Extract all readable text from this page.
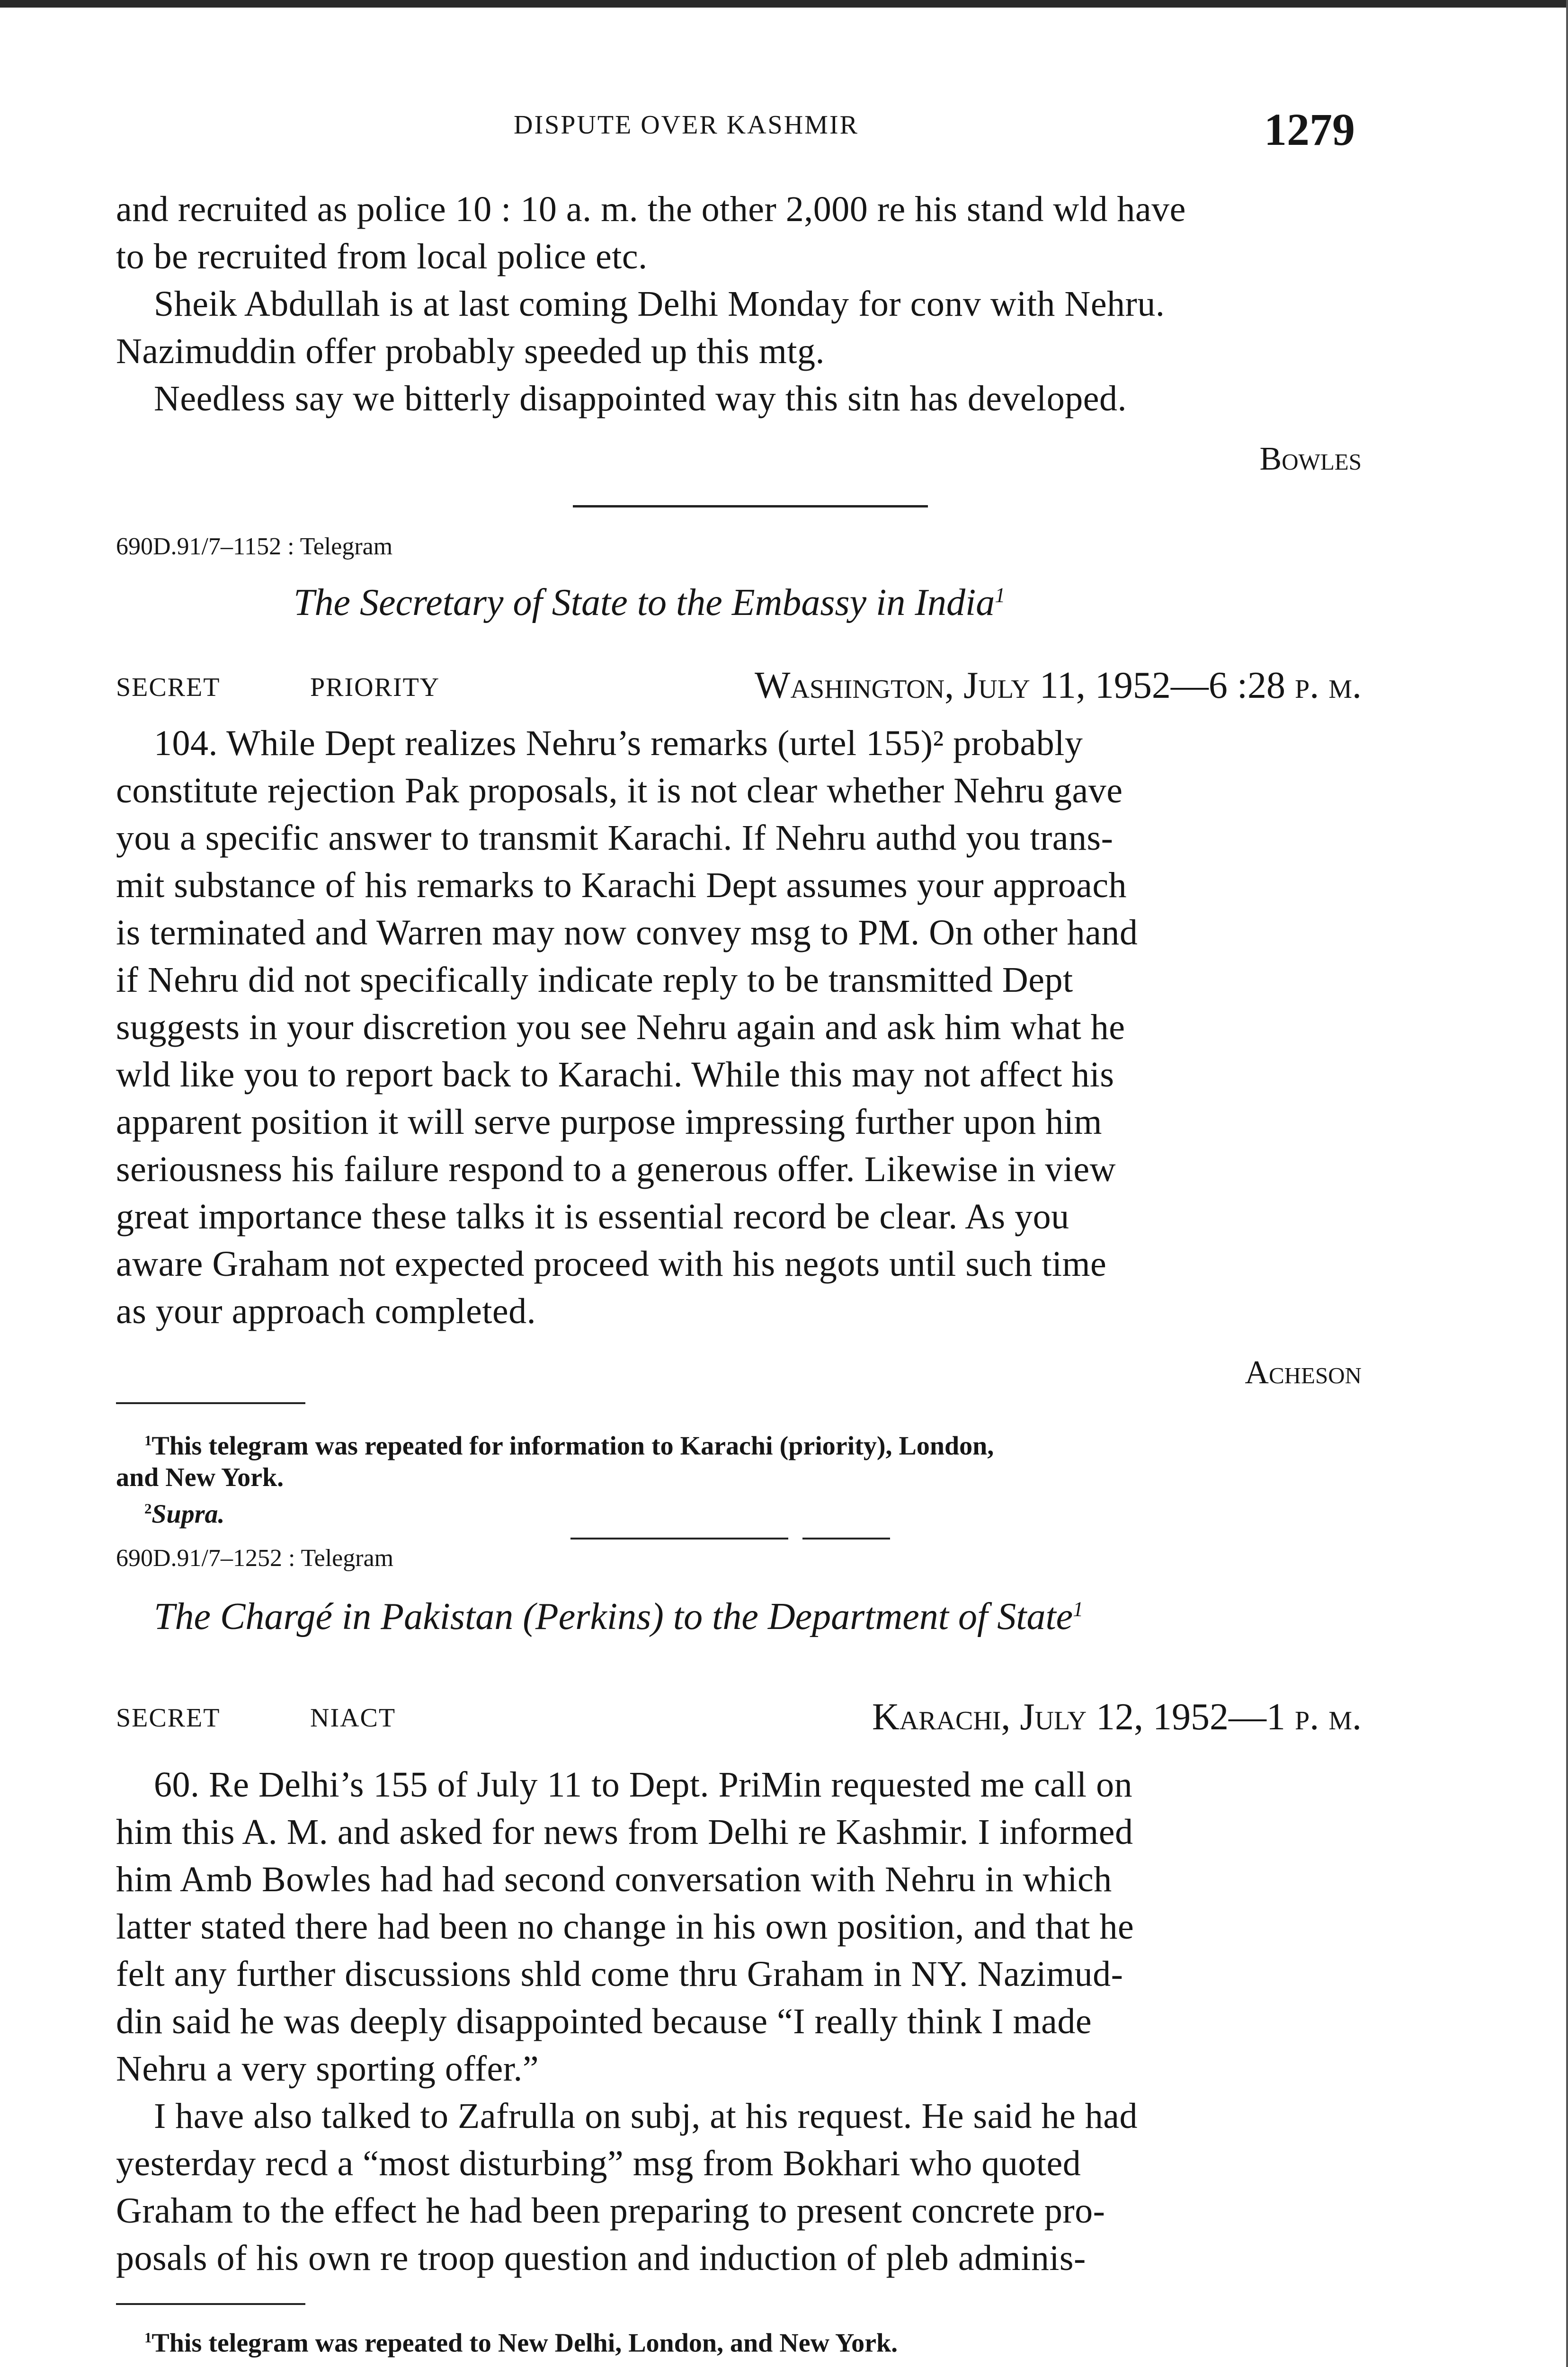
DISPUTE OVER KASHMIR	1279
and recruited as police 10 : 10 a. m. the other 2,000 re his stand wld have
to be recruited from local police etc.
Sheik Abdullah is at last coming Delhi Monday for conv with Nehru.
Nazimuddin offer probably speeded up this mtg.
Needless say we bitterly disappointed way this sitn has developed.
Bowles
690D.91/7–1152 : Telegram
The Secretary of State to the Embassy in India$^1$
SECRET	PRIORITY	Washington, July 11, 1952—6 :28 p. m.
104. While Dept realizes Nehru’s remarks (urtel 155)² probably
constitute rejection Pak proposals, it is not clear whether Nehru gave
you a specific answer to transmit Karachi. If Nehru authd you trans-
mit substance of his remarks to Karachi Dept assumes your approach
is terminated and Warren may now convey msg to PM. On other hand
if Nehru did not specifically indicate reply to be transmitted Dept
suggests in your discretion you see Nehru again and ask him what he
wld like you to report back to Karachi. While this may not affect his
apparent position it will serve purpose impressing further upon him
seriousness his failure respond to a generous offer. Likewise in view
great importance these talks it is essential record be clear. As you
aware Graham not expected proceed with his negots until such time
as your approach completed.
Acheson
$^1$This telegram was repeated for information to Karachi (priority), London,
and New York.
$^2$Supra.
690D.91/7–1252 : Telegram
The Chargé in Pakistan (Perkins) to the Department of State$^1$
SECRET	NIACT	Karachi, July 12, 1952—1 p. m.
60. Re Delhi’s 155 of July 11 to Dept. PriMin requested me call on
him this A. M. and asked for news from Delhi re Kashmir. I informed
him Amb Bowles had had second conversation with Nehru in which
latter stated there had been no change in his own position, and that he
felt any further discussions shld come thru Graham in NY. Nazimud-
din said he was deeply disappointed because “I really think I made
Nehru a very sporting offer.”
I have also talked to Zafrulla on subj, at his request. He said he had
yesterday recd a “most disturbing” msg from Bokhari who quoted
Graham to the effect he had been preparing to present concrete pro-
posals of his own re troop question and induction of pleb adminis-
$^1$This telegram was repeated to New Delhi, London, and New York.
